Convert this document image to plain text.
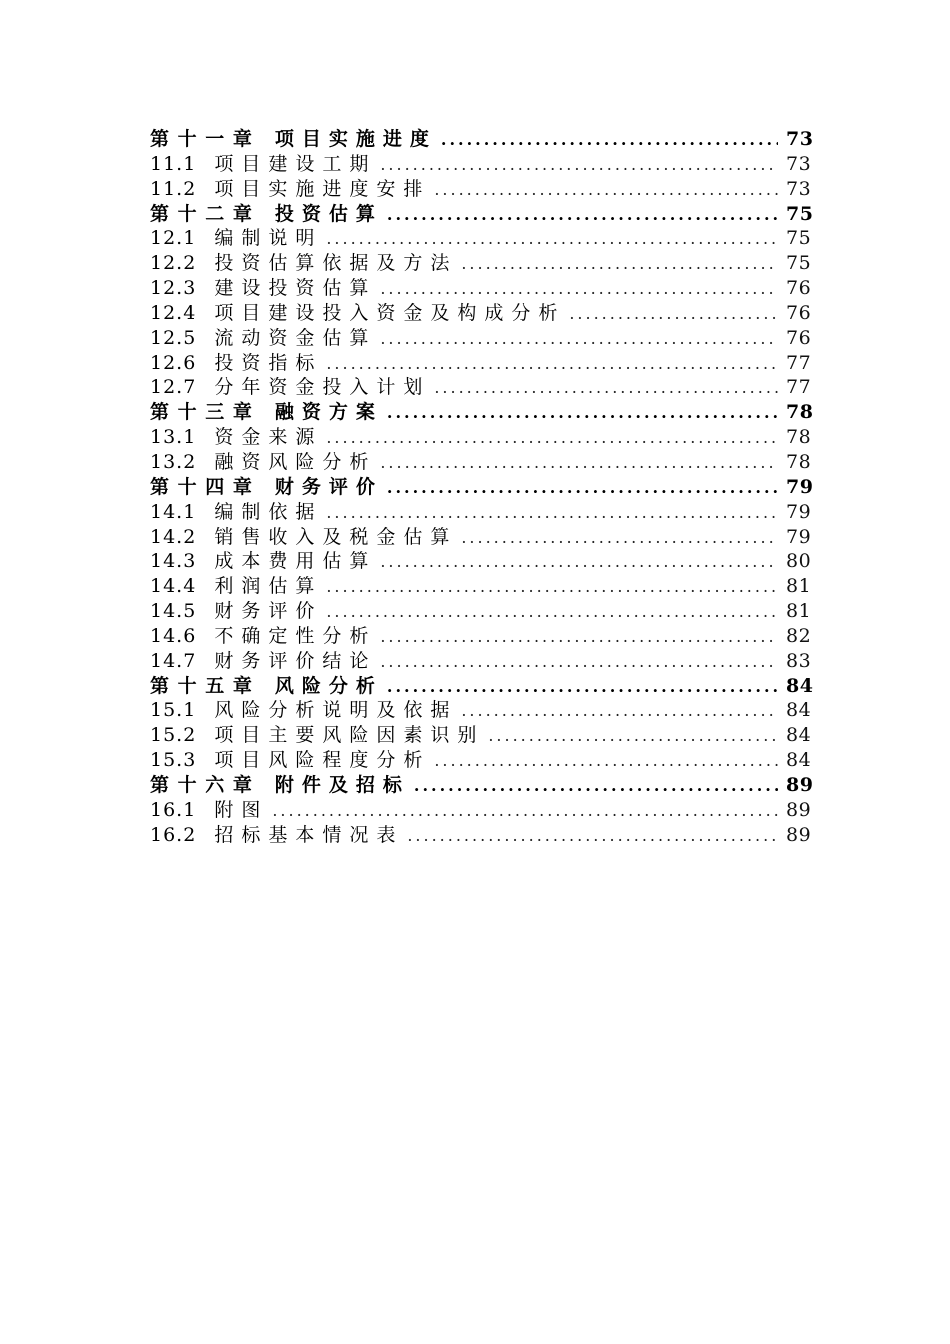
第 十 一 章 项目实施进度 .....	73
11.1 项目建设工期 .....	73
11.2 项目实施进度安排 .....	73
第 十 二 章 投资估算 .....	75
12.1 编制说明 .....	75
12.2 投资估算依据及方法 .....	75
12.3 建设投资估算 .....	76
12.4 项目建设投入资金及构成分析 .....	76
12.5 流动资金估算 .....	76
12.6 投资指标 .....	77
12.7 分年资金投入计划 .....	77
第 十 三 章 融资方案 .....	78
13.1 资金来源 .....	78
13.2 融资风险分析 .....	78
第 十 四 章 财务评价 .....	79
14.1 编制依据 .....	79
14.2 销售收入及税金估算 .....	79
14.3 成本费用估算 .....	80
14.4 利润估算 .....	81
14.5 财务评价 .....	81
14.6 不确定性分析 .....	82
14.7 财务评价结论 .....	83
第 十 五 章 风险分析 .....	84
15.1 风险分析说明及依据 .....	84
15.2 项目主要风险因素识别 .....	84
15.3 项目风险程度分析 .....	84
第 十 六 章 附件及招标 .....	89
16.1 附图 .....	89
16.2 招标基本情况表 .....	89
